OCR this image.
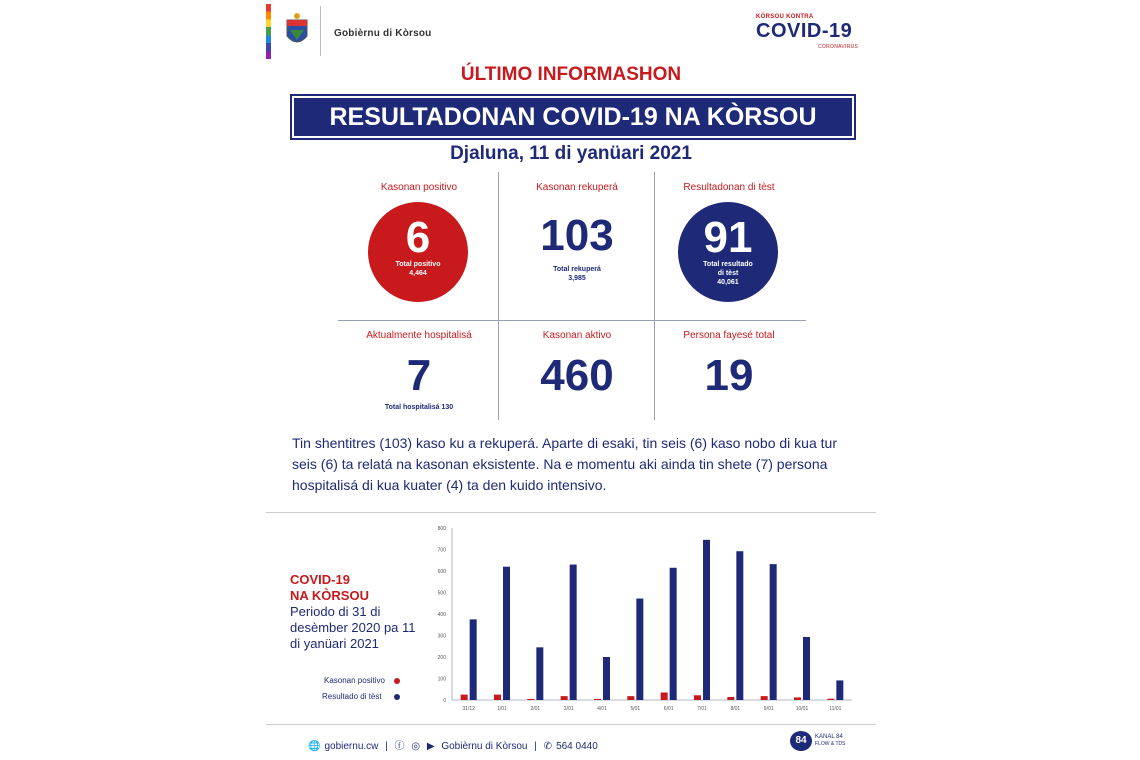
Gobièrnu di Kòrsou
KÒRSOU KONTRA
COVID-19
CORONAVIRUS
ÚLTIMO INFORMASHON
RESULTADONAN COVID-19 NA KÒRSOU
Djaluna, 11 di yanüari 2021
Kasonan positivo
6
Total positivo
4,464
Kasonan rekuperá
103
Total rekuperá
3,985
Resultadonan di tèst
91
Total resultado
di tèst
40,061
Aktualmente hospitalisá
7
Total hospitalisá 130
Kasonan aktivo
460
Persona fayesé total
19
Tin shentitres (103) kaso ku a rekuperá. Aparte di esaki, tin seis (6) kaso nobo di kua tur seis (6) ta relatá na kasonan eksistente. Na e momentu aki ainda tin shete (7) persona hospitalisá di kua kuater (4) ta den kuido intensivo.
COVID-19
NA KÒRSOU
Periodo di 31 di desèmber 2020 pa 11 di yanüari 2021
Kasonan positivo
Resultado di tèst	0
100
200
300
400
500
600
700
800
31/12	1/01	2/01	3/01	4/01	5/01	6/01	7/01	8/01	9/01	10/01	11/01
🌐 gobiernu.cw | ⓕ ◎ ▶ Gobièrnu di Kòrsou | ✆ 564 0440
84	KANAL 84
FLOW & TDS
